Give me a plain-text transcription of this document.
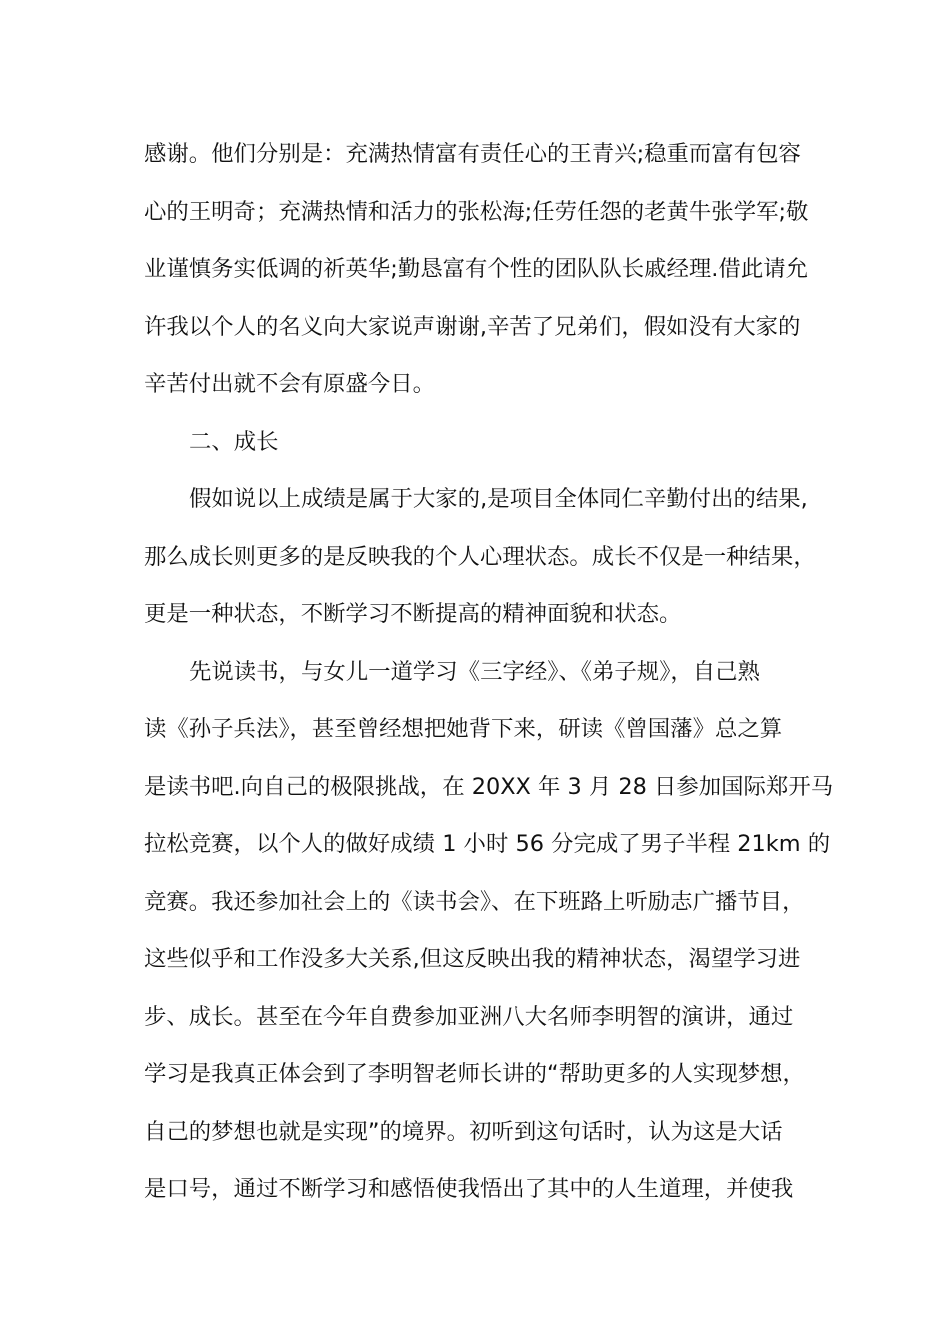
感谢。他们分别是：充满热情富有责任心的王青兴;稳重而富有包容
心的王明奇；充满热情和活力的张松海;任劳任怨的老黄牛张学军;敬
业谨慎务实低调的祈英华;勤恳富有个性的团队队长戚经理.借此请允
许我以个人的名义向大家说声谢谢,辛苦了兄弟们，假如没有大家的
辛苦付出就不会有原盛今日。
二、成长
假如说以上成绩是属于大家的,是项目全体同仁辛勤付出的结果,
那么成长则更多的是反映我的个人心理状态。成长不仅是一种结果，
更是一种状态，不断学习不断提高的精神面貌和状态。
先说读书，与女儿一道学习《三字经》、《弟子规》，自己熟
读《孙子兵法》，甚至曾经想把她背下来，研读《曾国藩》总之算
是读书吧.向自己的极限挑战，在 20XX 年 3 月 28 日参加国际郑开马
拉松竞赛，以个人的做好成绩 1 小时 56 分完成了男子半程 21km 的
竞赛。我还参加社会上的《读书会》、在下班路上听励志广播节目，
这些似乎和工作没多大关系,但这反映出我的精神状态，渴望学习进
步、成长。甚至在今年自费参加亚洲八大名师李明智的演讲，通过
学习是我真正体会到了李明智老师长讲的“帮助更多的人实现梦想，
自己的梦想也就是实现”的境界。初听到这句话时，认为这是大话
是口号，通过不断学习和感悟使我悟出了其中的人生道理，并使我
